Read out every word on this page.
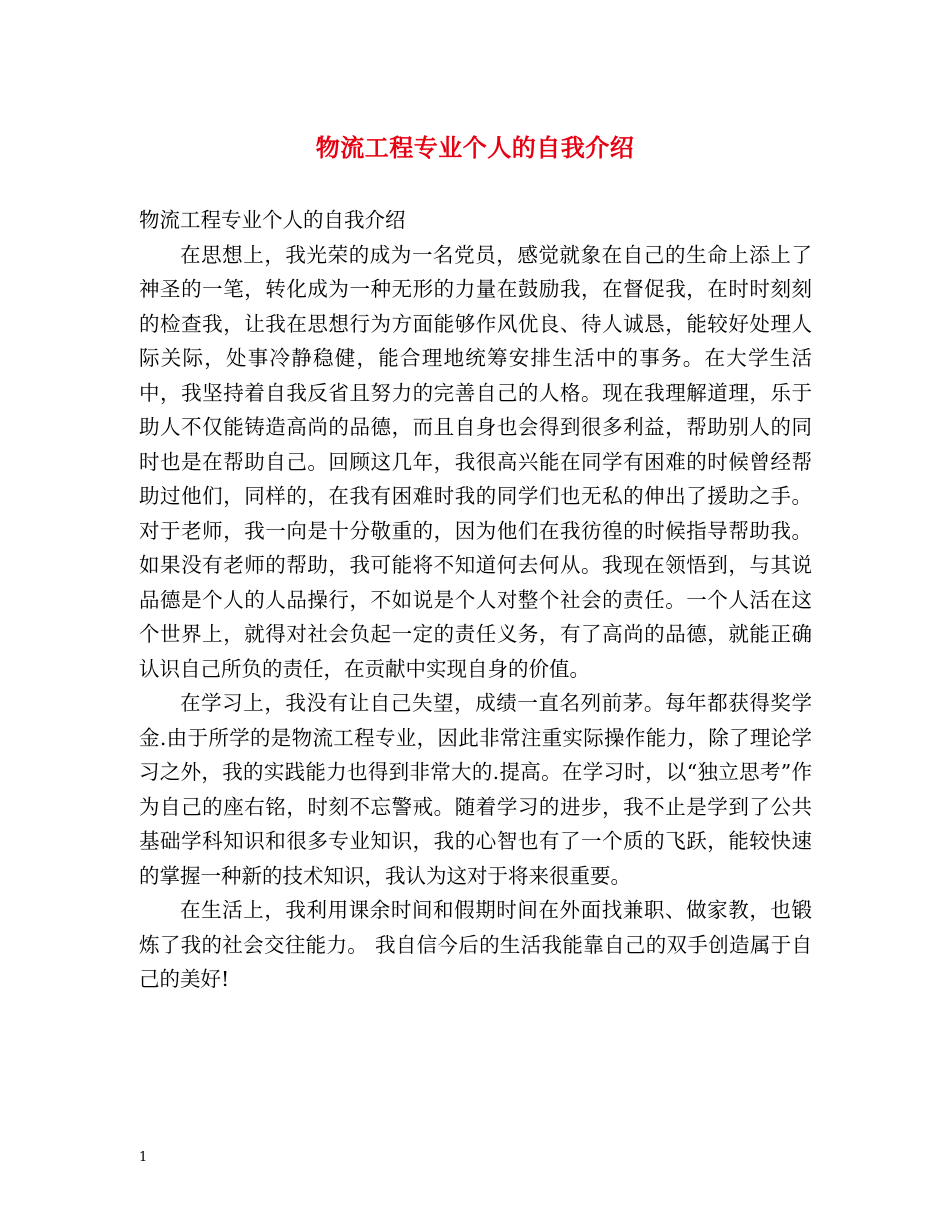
物流工程专业个人的自我介绍

物流工程专业个人的自我介绍

在思想上，我光荣的成为一名党员，感觉就象在自己的生命上添上了神圣的一笔，转化成为一种无形的力量在鼓励我，在督促我，在时时刻刻的检查我，让我在思想行为方面能够作风优良、待人诚恳，能较好处理人际关际，处事冷静稳健，能合理地统筹安排生活中的事务。在大学生活中，我坚持着自我反省且努力的完善自己的人格。现在我理解道理，乐于助人不仅能铸造高尚的品德，而且自身也会得到很多利益，帮助别人的同时也是在帮助自己。回顾这几年，我很高兴能在同学有困难的时候曾经帮助过他们，同样的，在我有困难时我的同学们也无私的伸出了援助之手。对于老师，我一向是十分敬重的，因为他们在我彷徨的时候指导帮助我。如果没有老师的帮助，我可能将不知道何去何从。我现在领悟到，与其说品德是个人的人品操行，不如说是个人对整个社会的责任。一个人活在这个世界上，就得对社会负起一定的责任义务，有了高尚的品德，就能正确认识自己所负的责任，在贡献中实现自身的价值。

在学习上，我没有让自己失望，成绩一直名列前茅。每年都获得奖学金.由于所学的是物流工程专业，因此非常注重实际操作能力，除了理论学习之外，我的实践能力也得到非常大的.提高。在学习时，以“独立思考”作为自己的座右铭，时刻不忘警戒。随着学习的进步，我不止是学到了公共基础学科知识和很多专业知识，我的心智也有了一个质的飞跃，能较快速的掌握一种新的技术知识，我认为这对于将来很重要。

在生活上，我利用课余时间和假期时间在外面找兼职、做家教，也锻炼了我的社会交往能力。 我自信今后的生活我能靠自己的双手创造属于自己的美好!

1
